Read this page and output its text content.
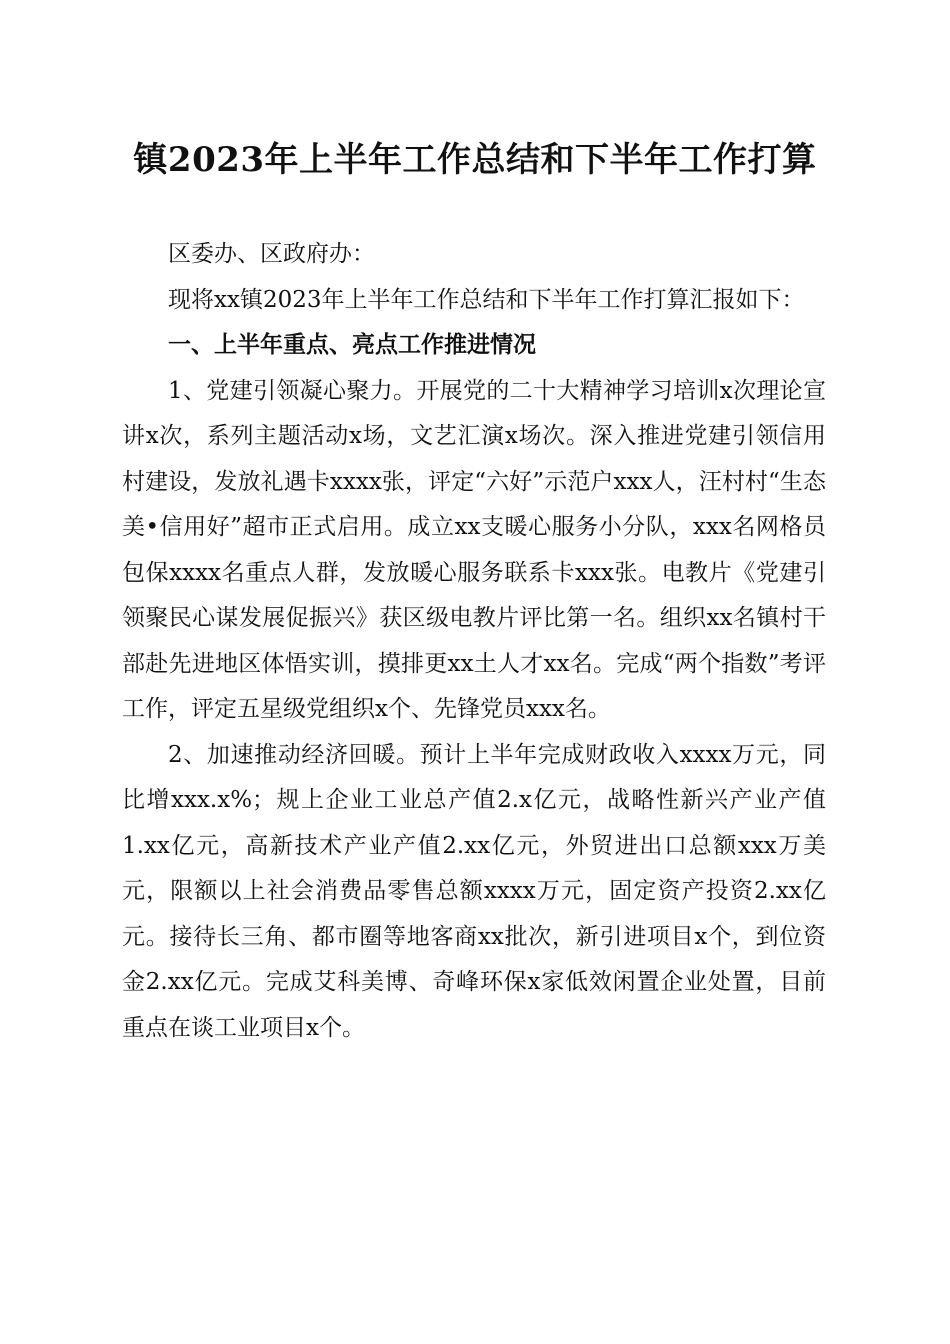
镇2023年上半年工作总结和下半年工作打算

区委办、区政府办：

现将xx镇2023年上半年工作总结和下半年工作打算汇报如下：

一、上半年重点、亮点工作推进情况

1、党建引领凝心聚力。开展党的二十大精神学习培训x次理论宣讲x次，系列主题活动x场，文艺汇演x场次。深入推进党建引领信用村建设，发放礼遇卡xxxx张，评定“六好”示范户xxx人，汪村村“生态美•信用好”超市正式启用。成立xx支暖心服务小分队，xxx名网格员包保xxxx名重点人群，发放暖心服务联系卡xxx张。电教片《党建引领聚民心谋发展促振兴》获区级电教片评比第一名。组织xx名镇村干部赴先进地区体悟实训，摸排更xx土人才xx名。完成“两个指数”考评工作，评定五星级党组织x个、先锋党员xxx名。

2、加速推动经济回暖。预计上半年完成财政收入xxxx万元，同比增xxx.x%；规上企业工业总产值2.x亿元，战略性新兴产业产值1.xx亿元，高新技术产业产值2.xx亿元，外贸进出口总额xxx万美元，限额以上社会消费品零售总额xxxx万元，固定资产投资2.xx亿元。接待长三角、都市圈等地客商xx批次，新引进项目x个，到位资金2.xx亿元。完成艾科美博、奇峰环保x家低效闲置企业处置，目前重点在谈工业项目x个。
